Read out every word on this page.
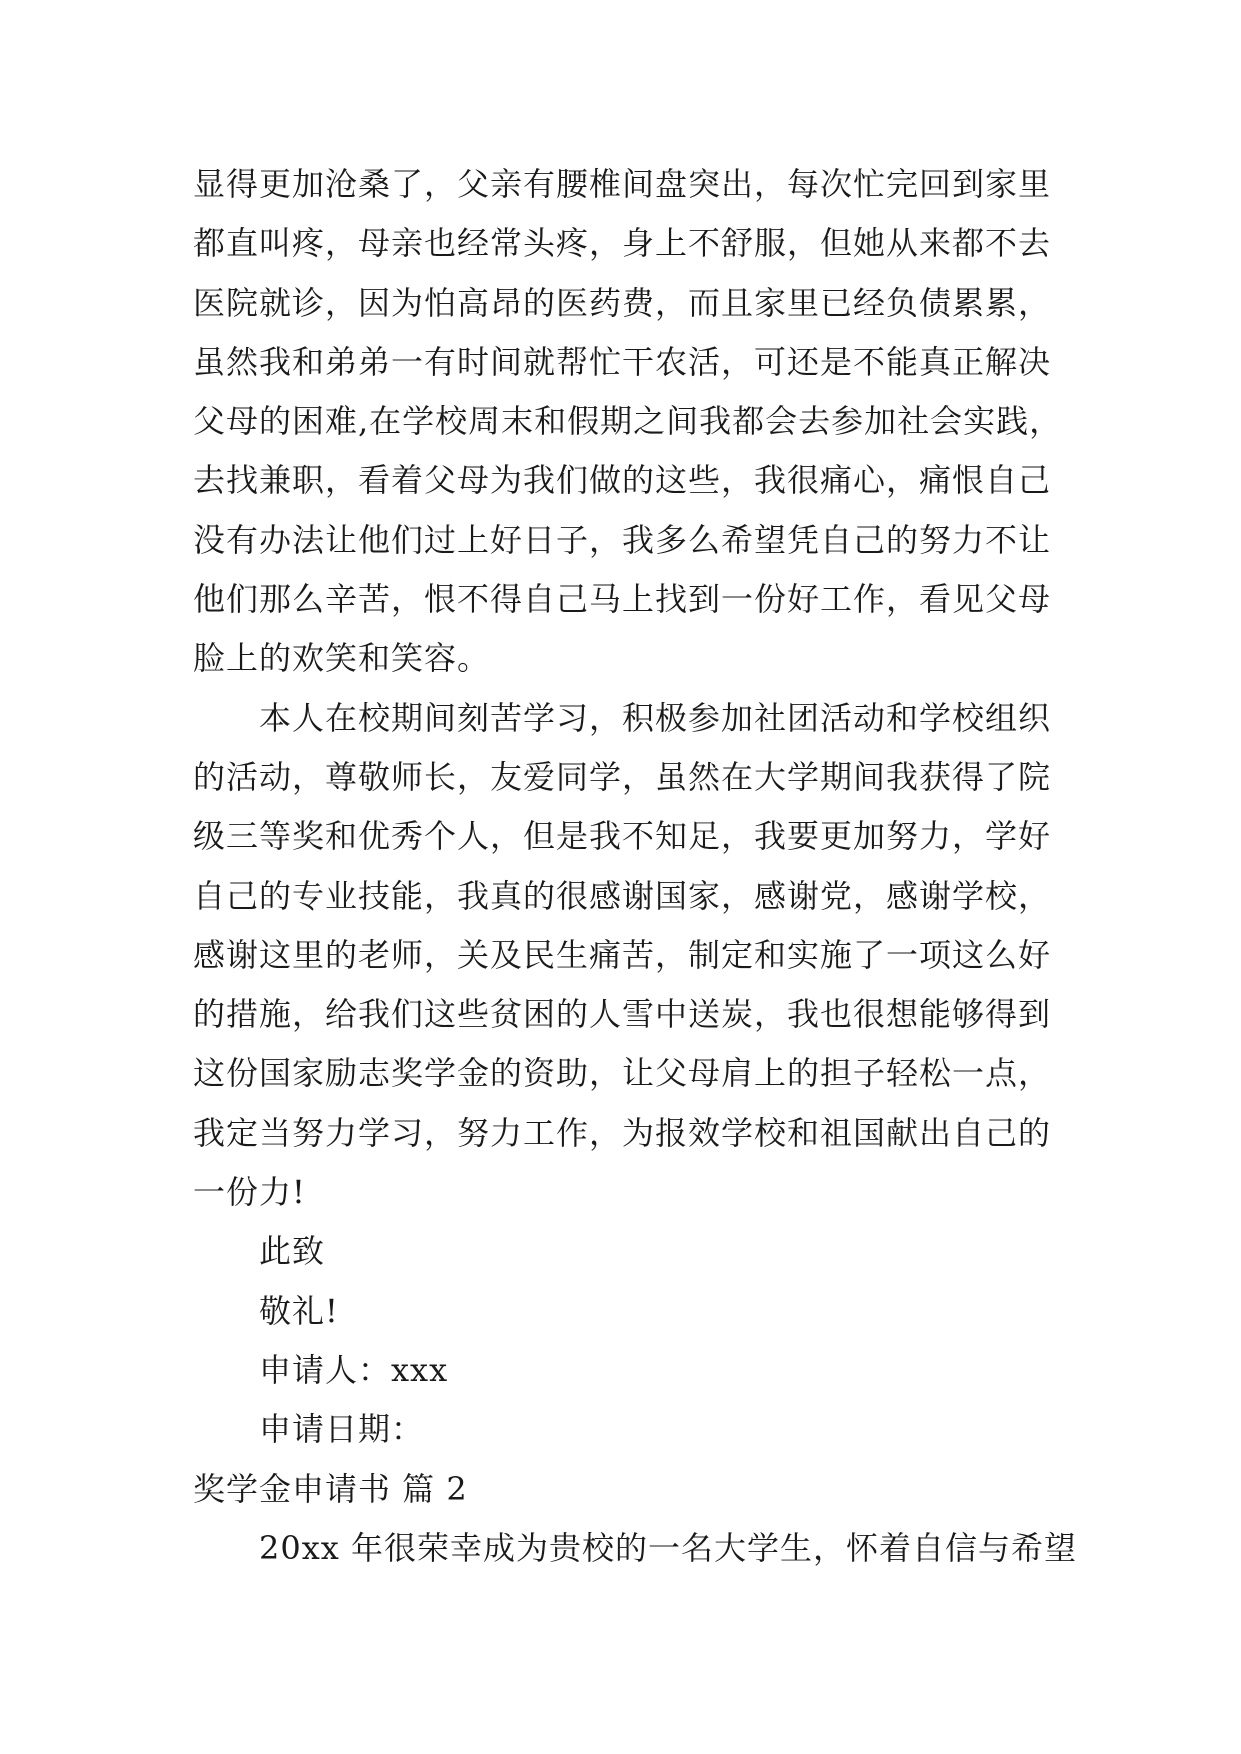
显得更加沧桑了，父亲有腰椎间盘突出，每次忙完回到家里
都直叫疼，母亲也经常头疼，身上不舒服，但她从来都不去
医院就诊，因为怕高昂的医药费，而且家里已经负债累累，
虽然我和弟弟一有时间就帮忙干农活，可还是不能真正解决
父母的困难,在学校周末和假期之间我都会去参加社会实践，
去找兼职，看着父母为我们做的这些，我很痛心，痛恨自己
没有办法让他们过上好日子，我多么希望凭自己的努力不让
他们那么辛苦，恨不得自己马上找到一份好工作，看见父母
脸上的欢笑和笑容。
本人在校期间刻苦学习，积极参加社团活动和学校组织
的活动，尊敬师长，友爱同学，虽然在大学期间我获得了院
级三等奖和优秀个人，但是我不知足，我要更加努力，学好
自己的专业技能，我真的很感谢国家，感谢党，感谢学校，
感谢这里的老师，关及民生痛苦，制定和实施了一项这么好
的措施，给我们这些贫困的人雪中送炭，我也很想能够得到
这份国家励志奖学金的资助，让父母肩上的担子轻松一点，
我定当努力学习，努力工作，为报效学校和祖国献出自己的
一份力!
此致
敬礼!
申请人：xxx
申请日期：
奖学金申请书 篇 2
20xx 年很荣幸成为贵校的一名大学生，怀着自信与希望
